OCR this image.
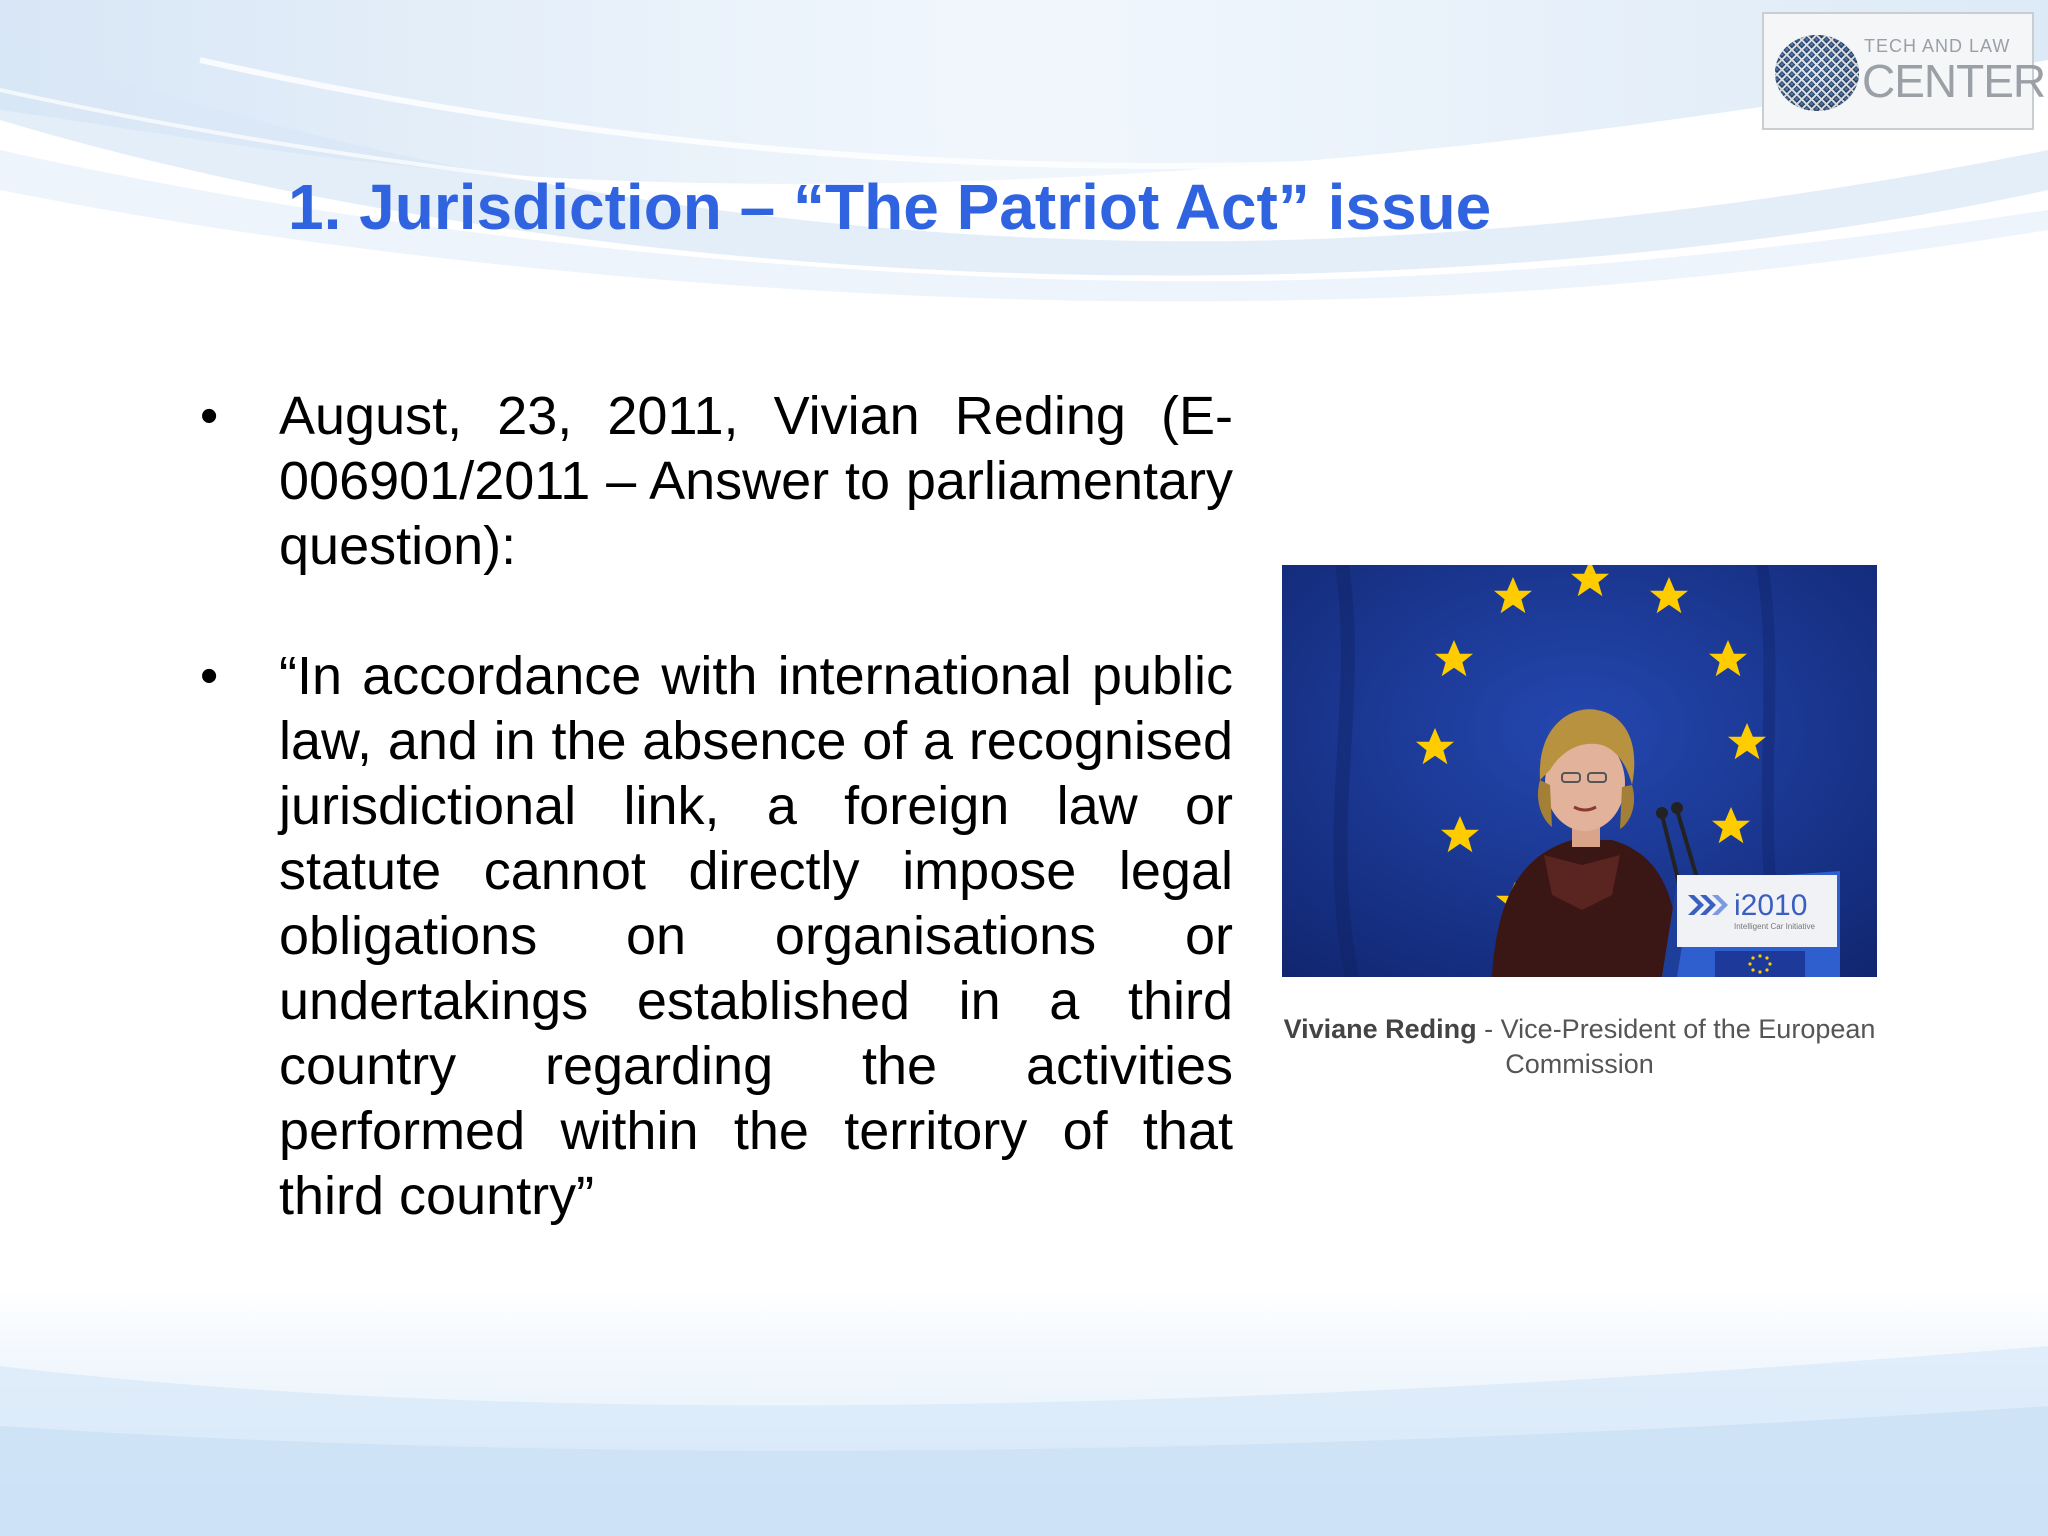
TECH AND LAW
CENTER
1. Jurisdiction – “The Patriot Act” issue
•	August, 23, 2011, Vivian Reding (E-006901/2011 – Answer to parliamentary question):
•	“In accordance with international public law, and in the absence of a recognised jurisdictional link, a foreign law or statute cannot directly impose legal obligations on organisations or undertakings established in a third country regarding the activities performed within the territory of that third country”
i2010
Intelligent Car Initiative
Viviane Reding - Vice-President of the European Commission
